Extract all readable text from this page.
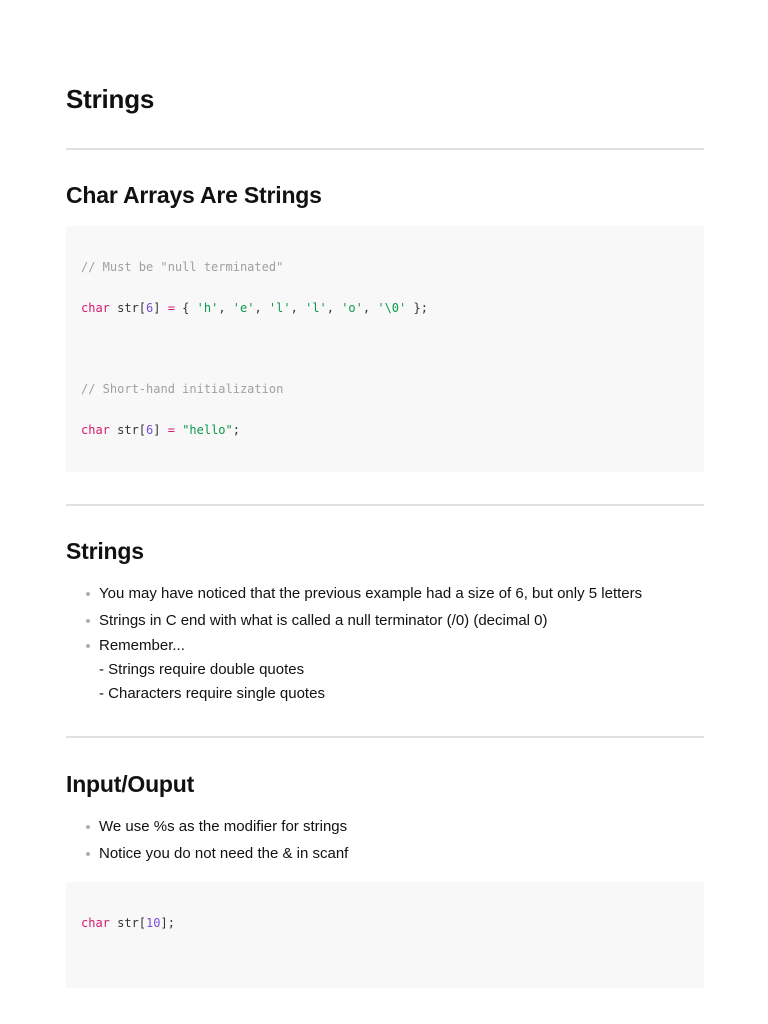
Strings
Char Arrays Are Strings
// Must be "null terminated"
char str[6] = { 'h', 'e', 'l', 'l', 'o', '\0' };
// Short-hand initialization
char str[6] = "hello";
Strings
You may have noticed that the previous example had a size of 6, but only 5 letters
Strings in C end with what is called a null terminator (/0) (decimal 0)
Remember...
- Strings require double quotes
- Characters require single quotes
Input/Ouput
We use %s as the modifier for strings
Notice you do not need the & in scanf
char str[10];
